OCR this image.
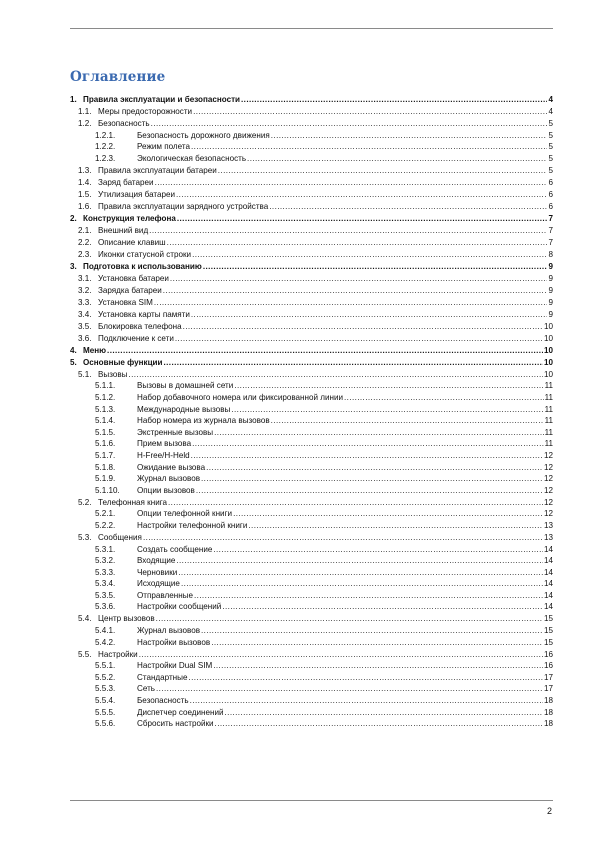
Оглавление
1. Правила эксплуатации и безопасности .....	4
1.1. Меры предосторожности .....	4
1.2. Безопасность .....	5
1.2.1.	Безопасность дорожного движения .....	5
1.2.2.	Режим полета .....	5
1.2.3.	Экологическая безопасность .....	5
1.3. Правила эксплуатации батареи .....	5
1.4. Заряд батареи .....	6
1.5. Утилизация батареи .....	6
1.6. Правила эксплуатации зарядного устройства .....	6
2. Конструкция телефона .....	7
2.1. Внешний вид .....	7
2.2. Описание клавиш .....	7
2.3. Иконки статусной строки .....	8
3. Подготовка к использованию .....	9
3.1. Установка батареи .....	9
3.2. Зарядка батареи .....	9
3.3. Установка SIM .....	9
3.4. Установка карты памяти .....	9
3.5. Блокировка телефона .....	10
3.6. Подключение к сети .....	10
4. Меню .....	10
5. Основные функции .....	10
5.1. Вызовы .....	10
5.1.1.	Вызовы в домашней сети .....	11
5.1.2.	Набор добавочного номера или фиксированной линии .....	11
5.1.3.	Международные вызовы .....	11
5.1.4.	Набор номера из журнала вызовов .....	11
5.1.5.	Экстренные вызовы .....	11
5.1.6.	Прием вызова .....	11
5.1.7.	H-Free/H-Held .....	12
5.1.8.	Ожидание вызова .....	12
5.1.9.	Журнал вызовов .....	12
5.1.10.	Опции вызовов .....	12
5.2. Телефонная книга .....	12
5.2.1.	Опции телефонной книги .....	12
5.2.2.	Настройки телефонной книги .....	13
5.3. Сообщения .....	13
5.3.1.	Создать сообщение .....	14
5.3.2.	Входящие .....	14
5.3.3.	Черновики .....	14
5.3.4.	Исходящие .....	14
5.3.5.	Отправленные .....	14
5.3.6.	Настройки сообщений .....	14
5.4. Центр вызовов .....	15
5.4.1.	Журнал вызовов .....	15
5.4.2.	Настройки вызовов .....	15
5.5. Настройки .....	16
5.5.1.	Настройки Dual SIM .....	16
5.5.2.	Стандартные .....	17
5.5.3.	Сеть .....	17
5.5.4.	Безопасность .....	18
5.5.5.	Диспетчер соединений .....	18
5.5.6.	Сбросить настройки .....	18
2
